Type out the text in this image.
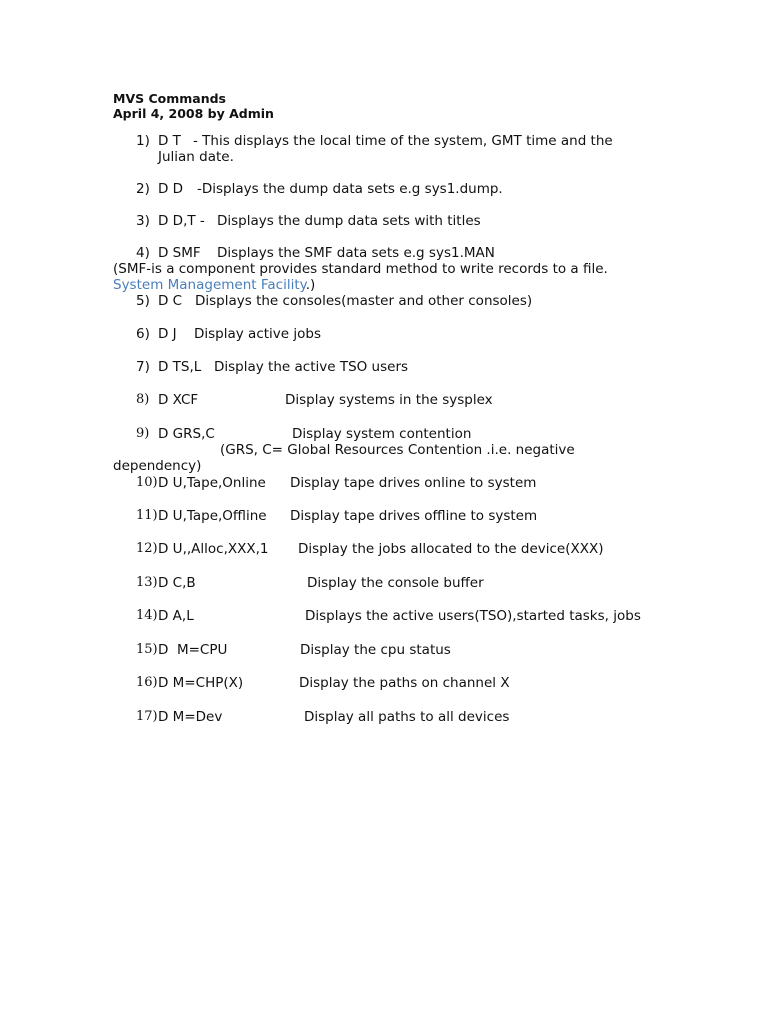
MVS Commands
April 4, 2008 by Admin
1) D T - This displays the local time of the system, GMT time and the
Julian date.
2) D D -Displays the dump data sets e.g sys1.dump.
3) D D,T - Displays the dump data sets with titles
4) D SMF Displays the SMF data sets e.g sys1.MAN
(SMF-is a component provides standard method to write records to a file.
System Management Facility.)
5) D C Displays the consoles(master and other consoles)
6) D J Display active jobs
7) D TS,L Display the active TSO users
8) D XCF	Display systems in the sysplex
9) D GRS,C	Display system contention
(GRS, C= Global Resources Contention .i.e. negative
dependency)
10) D U,Tape,Online Display tape drives online to system
11) D U,Tape,Offline Display tape drives offline to system
12) D U,,Alloc,XXX,1 Display the jobs allocated to the device(XXX)
13) D C,B	Display the console buffer
14) D A,L	Displays the active users(TSO),started tasks, jobs
15) D  M=CPU	Display the cpu status
16) D M=CHP(X)	Display the paths on channel X
17) D M=Dev	Display all paths to all devices
